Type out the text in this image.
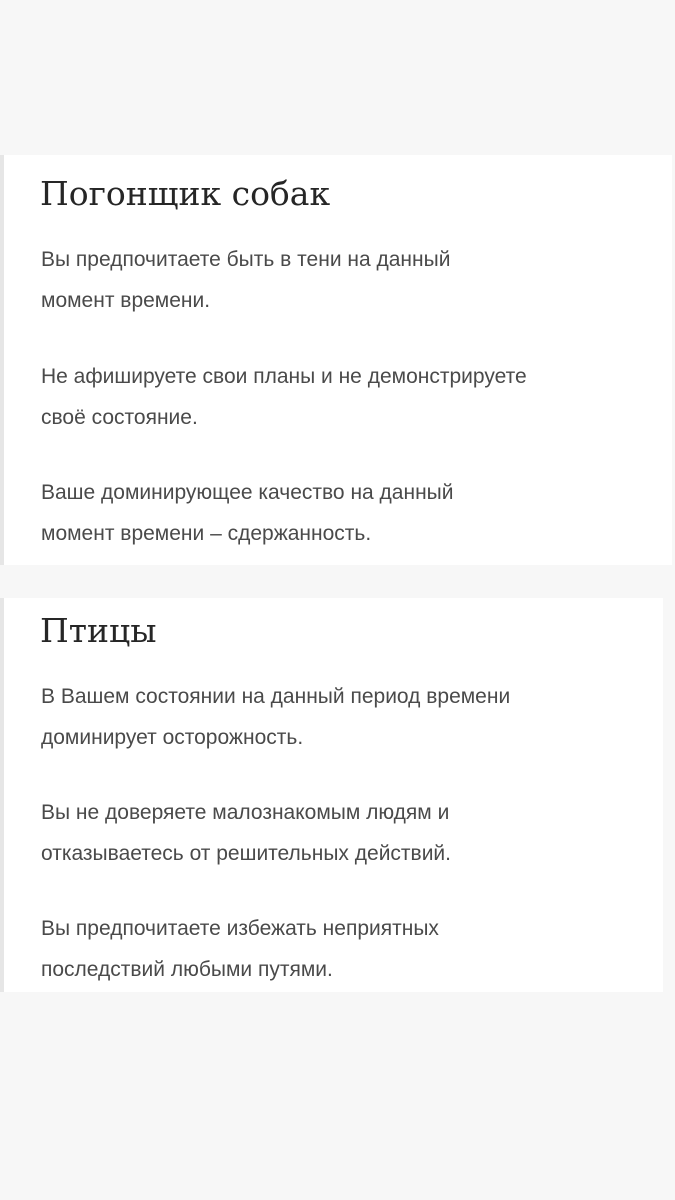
Погонщик собак

Вы предпочитаете быть в тени на данный
момент времени.

Не афишируете свои планы и не демонстрируете
своё состояние.

Ваше доминирующее качество на данный
момент времени – сдержанность.

Птицы

В Вашем состоянии на данный период времени
доминирует осторожность.

Вы не доверяете малознакомым людям и
отказываетесь от решительных действий.

Вы предпочитаете избежать неприятных
последствий любыми путями.
